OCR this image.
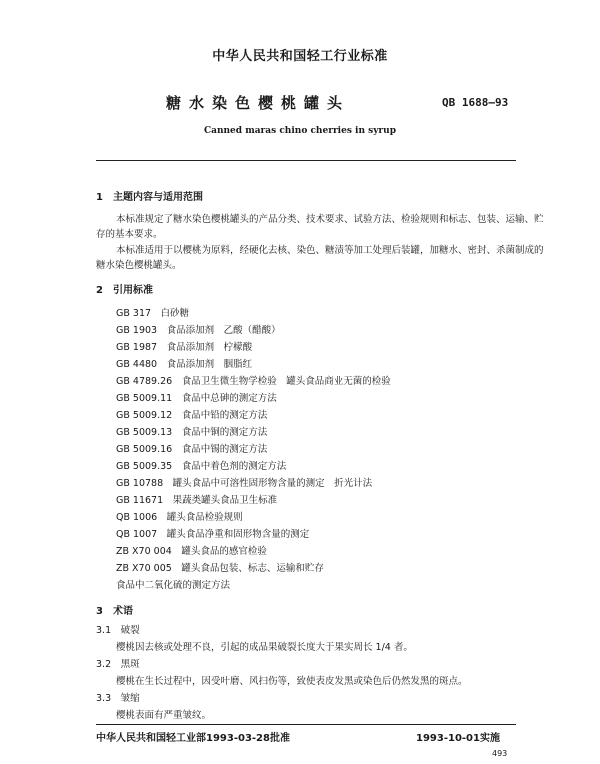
中华人民共和国轻工行业标准
糖水染色樱桃罐头	QB 1688—93
Canned maras chino cherries in syrup
1　主题内容与适用范围
本标准规定了糖水染色樱桃罐头的产品分类、技术要求、试验方法、检验规则和标志、包装、运输、贮
存的基本要求。
本标准适用于以樱桃为原料，经硬化去核、染色、糖渍等加工处理后装罐，加糖水、密封、杀菌制成的
糖水染色樱桃罐头。
2　引用标准
GB 317　 白砂糖
GB 1903　 食品添加剂　乙酸（醋酸）
GB 1987　 食品添加剂　柠檬酸
GB 4480　 食品添加剂　胭脂红
GB 4789.26　 食品卫生微生物学检验　罐头食品商业无菌的检验
GB 5009.11　 食品中总砷的测定方法
GB 5009.12　 食品中铅的测定方法
GB 5009.13　 食品中铜的测定方法
GB 5009.16　 食品中锡的测定方法
GB 5009.35　 食品中着色剂的测定方法
GB 10788　 罐头食品中可溶性固形物含量的测定　折光计法
GB 11671　 果蔬类罐头食品卫生标准
QB 1006　 罐头食品检验规则
QB 1007　 罐头食品净重和固形物含量的测定
ZB X70 004　 罐头食品的感官检验
ZB X70 005　 罐头食品包装、标志、运输和贮存
食品中二氧化硫的测定方法
3　术语
3.1　破裂
樱桃因去核或处理不良，引起的成品果破裂长度大于果实周长 1/4 者。
3.2　黑斑
樱桃在生长过程中，因受叶磨、风扫伤等，致使表皮发黑或染色后仍然发黑的斑点。
3.3　皱缩
樱桃表面有严重皱纹。
中华人民共和国轻工业部1993-03-28批准	1993-10-01实施
493
